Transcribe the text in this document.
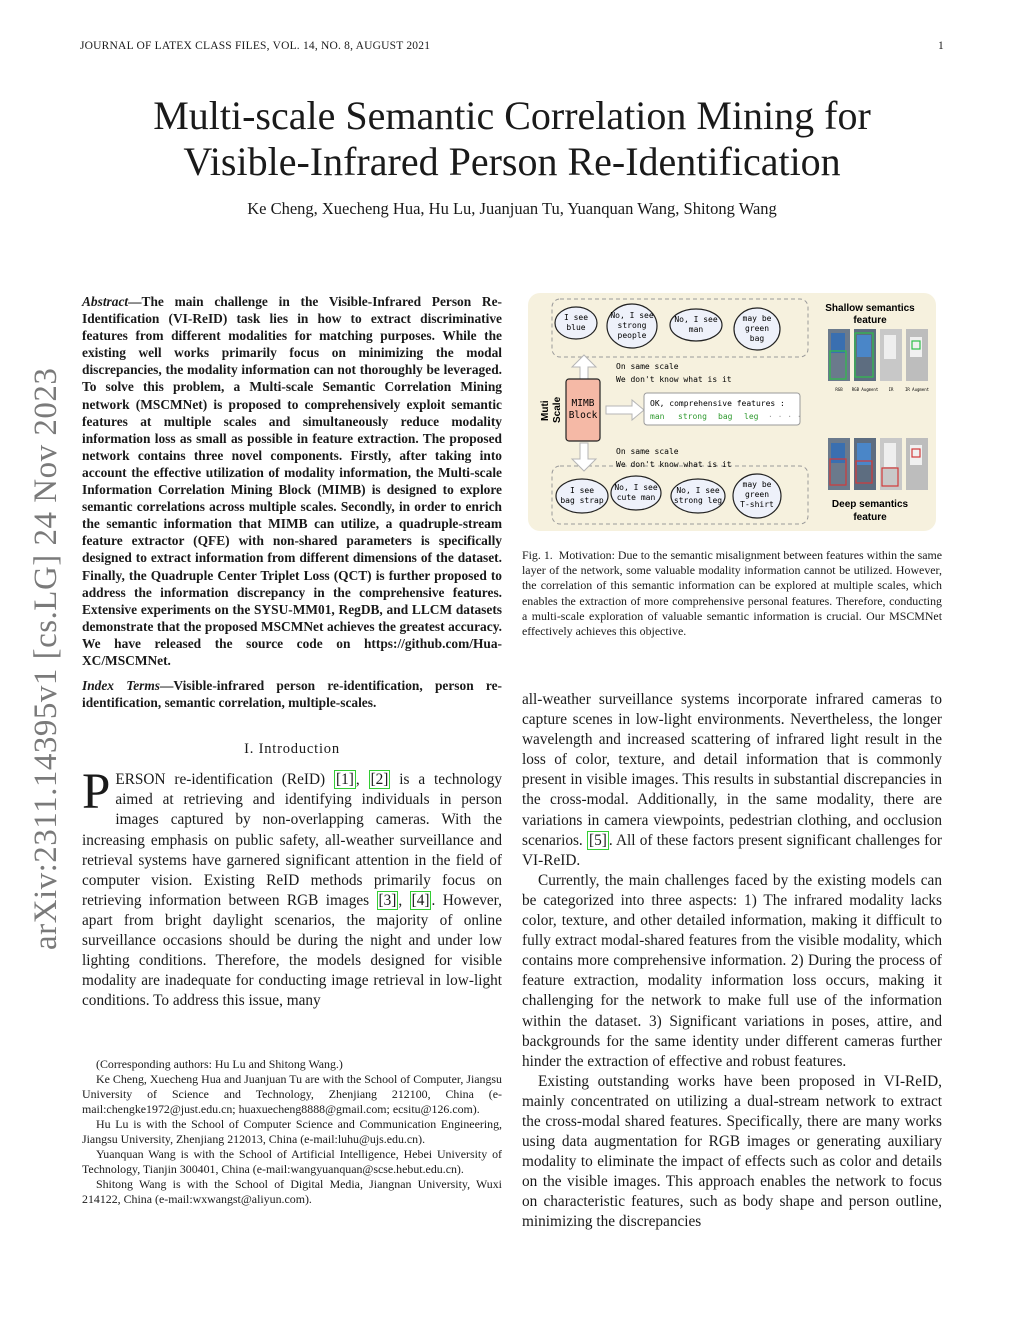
JOURNAL OF LATEX CLASS FILES, VOL. 14, NO. 8, AUGUST 2021	1
Multi-scale Semantic Correlation Mining for
Visible-Infrared Person Re-Identification
Ke Cheng, Xuecheng Hua, Hu Lu, Juanjuan Tu, Yuanquan Wang, Shitong Wang
arXiv:2311.14395v1 [cs.LG] 24 Nov 2023
Abstract—The main challenge in the Visible-Infrared Person Re-Identification (VI-ReID) task lies in how to extract discriminative features from different modalities for matching purposes. While the existing well works primarily focus on minimizing the modal discrepancies, the modality information can not thoroughly be leveraged. To solve this problem, a Multi-scale Semantic Correlation Mining network (MSCMNet) is proposed to comprehensively exploit semantic features at multiple scales and simultaneously reduce modality information loss as small as possible in feature extraction. The proposed network contains three novel components. Firstly, after taking into account the effective utilization of modality information, the Multi-scale Information Correlation Mining Block (MIMB) is designed to explore semantic correlations across multiple scales. Secondly, in order to enrich the semantic information that MIMB can utilize, a quadruple-stream feature extractor (QFE) with non-shared parameters is specifically designed to extract information from different dimensions of the dataset. Finally, the Quadruple Center Triplet Loss (QCT) is further proposed to address the information discrepancy in the comprehensive features. Extensive experiments on the SYSU-MM01, RegDB, and LLCM datasets demonstrate that the proposed MSCMNet achieves the greatest accuracy. We have released the source code on https://github.com/Hua-XC/MSCMNet.
Index Terms—Visible-infrared person re-identification, person re-identification, semantic correlation, multiple-scales.
I. Introduction
PERSON re-identification (ReID) [1] , [2] is a technology aimed at retrieving and identifying individuals in person images captured by non-overlapping cameras. With the increasing emphasis on public safety, all-weather surveillance and retrieval systems have garnered significant attention in the field of computer vision. Existing ReID methods primarily focus on retrieving information between RGB images [3] , [4] . However, apart from bright daylight scenarios, the majority of online surveillance occasions should be during the night and under low lighting conditions. Therefore, the models designed for visible modality are inadequate for conducting image retrieval in low-light conditions. To address this issue, many

(Corresponding authors: Hu Lu and Shitong Wang.)

Ke Cheng, Xuecheng Hua and Juanjuan Tu are with the School of Computer, Jiangsu University of Science and Technology, Zhenjiang 212100, China (e-mail:chengke1972@just.edu.cn; huaxuecheng8888@gmail.com; ecsitu@126.com).

Hu Lu is with the School of Computer Science and Communication Engineering, Jiangsu University, Zhenjiang 212013, China (e-mail:luhu@ujs.edu.cn).

Yuanquan Wang is with the School of Artificial Intelligence, Hebei University of Technology, Tianjin 300401, China (e-mail:wangyuanquan@scse.hebut.edu.cn).

Shitong Wang is with the School of Digital Media, Jiangnan University, Wuxi 214122, China (e-mail:wxwangst@aliyun.com).

I see
blue
No, I see
strong
people
No, I see
man
may be
green
bag
I see
bag strap
No, I see
cute man
No, I see
strong leg
may be
green
T-shirt
Muti Scale MIMB
Block
On same scale
We don't know what is it
On same scale
We don't know what is it
OK, comprehensive features :
man strong bag leg · · · ·
Shallow semantics
feature
RGB RGB Augment	IR	IR Augment
Deep semantics
feature
Fig. 1. Motivation: Due to the semantic misalignment between features within the same layer of the network, some valuable modality information cannot be utilized. However, the correlation of this semantic information can be explored at multiple scales, which enables the extraction of more comprehensive personal features. Therefore, conducting a multi-scale exploration of valuable semantic information is crucial. Our MSCMNet effectively achieves this objective.

all-weather surveillance systems incorporate infrared cameras to capture scenes in low-light environments. Nevertheless, the longer wavelength and increased scattering of infrared light result in the loss of color, texture, and detail information that is commonly present in visible images. This results in substantial discrepancies in the cross-modal. Additionally, in the same modality, there are variations in camera viewpoints, pedestrian clothing, and occlusion scenarios. [5] . All of these factors present significant challenges for VI-ReID.

Currently, the main challenges faced by the existing models can be categorized into three aspects: 1) The infrared modality lacks color, texture, and other detailed information, making it difficult to fully extract modal-shared features from the visible modality, which contains more comprehensive information. 2) During the process of feature extraction, modality information loss occurs, making it challenging for the network to make full use of the information within the dataset. 3) Significant variations in poses, attire, and backgrounds for the same identity under different cameras further hinder the extraction of effective and robust features.

Existing outstanding works have been proposed in VI-ReID, mainly concentrated on utilizing a dual-stream network to extract the cross-modal shared features. Specifically, there are many works using data augmentation for RGB images or generating auxiliary modality to eliminate the impact of effects such as color and details on the visible images. This approach enables the network to focus on characteristic features, such as body shape and person outline, minimizing the discrepancies
